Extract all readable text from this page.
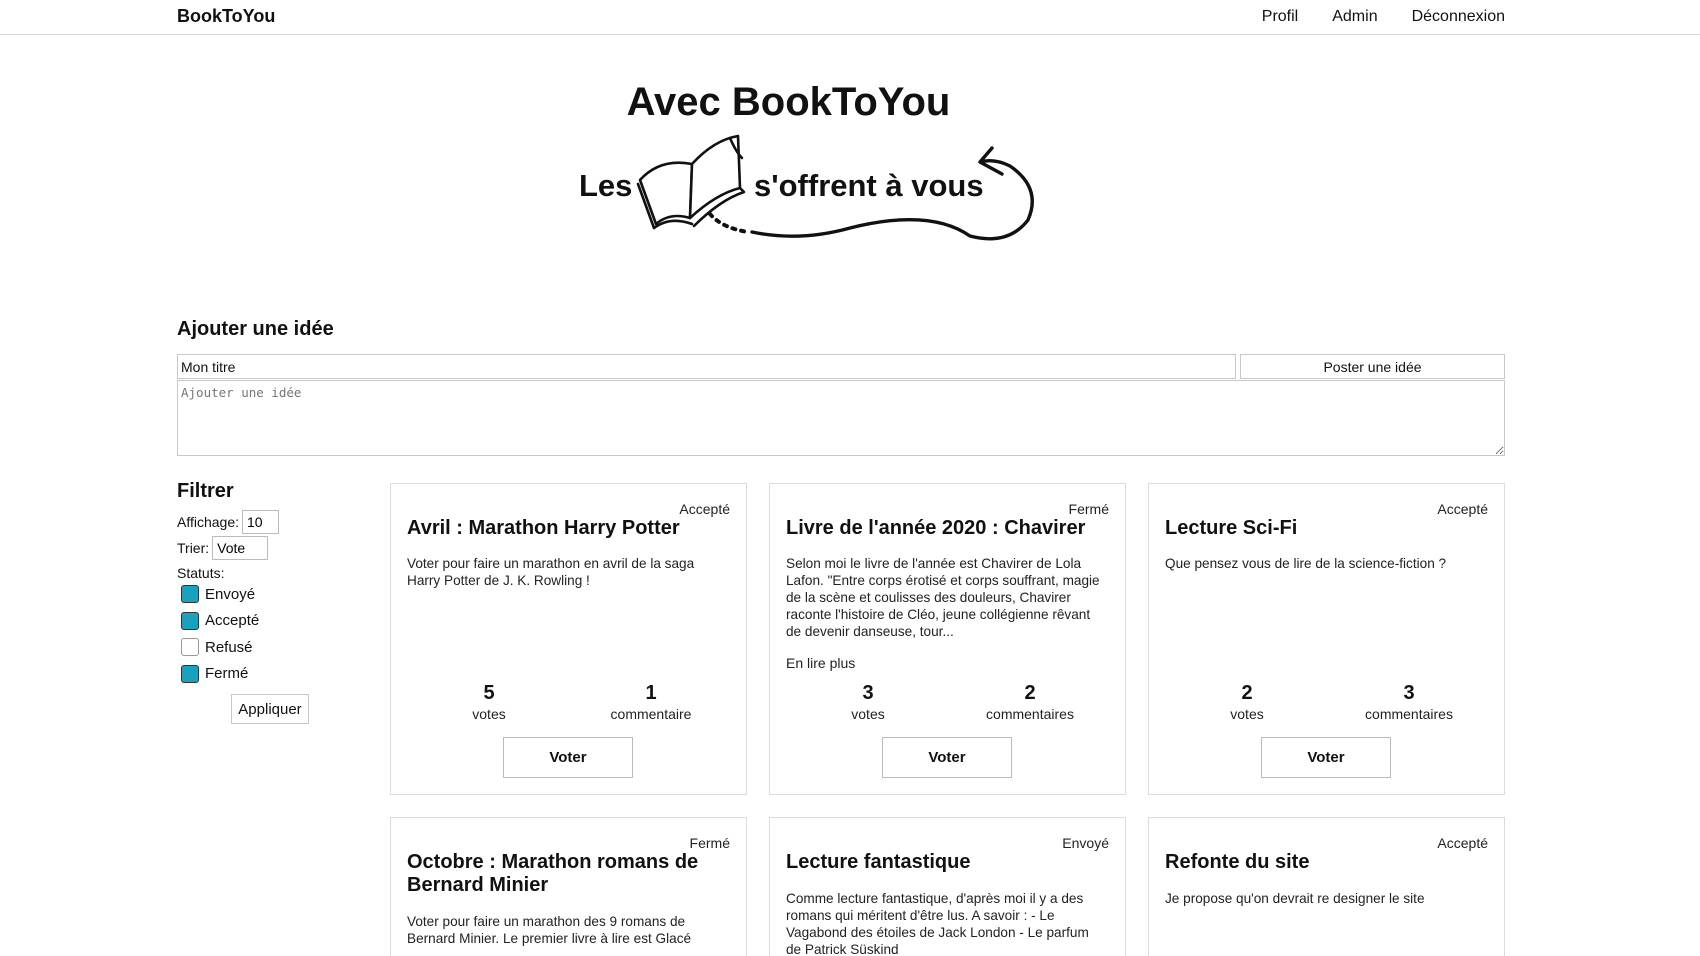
BookToYou	Profil Admin Déconnexion
Avec BookToYou
Les	s'offrent à vous
Ajouter une idée
Mon titre
Poster une idée
Ajouter une idée
Filtrer
Affichage:
10
Trier:
Vote
Statuts:
Envoyé
Accepté
Refusé
Fermé
Appliquer
Accepté
Avril : Marathon Harry Potter
Voter pour faire un marathon en avril de la saga Harry Potter de J. K. Rowling !
5
votes
1
commentaire
Voter
Fermé
Livre de l'année 2020 : Chavirer
Selon moi le livre de l'année est Chavirer de Lola Lafon. "Entre corps érotisé et corps souffrant, magie de la scène et coulisses des douleurs, Chavirer raconte l'histoire de Cléo, jeune collégienne rêvant de devenir danseuse, tour...
En lire plus
3
votes
2
commentaires
Voter
Accepté
Lecture Sci-Fi
Que pensez vous de lire de la science-fiction ?
2
votes
3
commentaires
Voter
Fermé
Octobre : Marathon romans de Bernard Minier
Voter pour faire un marathon des 9 romans de Bernard Minier. Le premier livre à lire est Glacé
Envoyé
Lecture fantastique
Comme lecture fantastique, d'après moi il y a des romans qui méritent d'être lus. A savoir : - Le Vagabond des étoiles de Jack London - Le parfum de Patrick Süskind
Accepté
Refonte du site
Je propose qu'on devrait re designer le site
